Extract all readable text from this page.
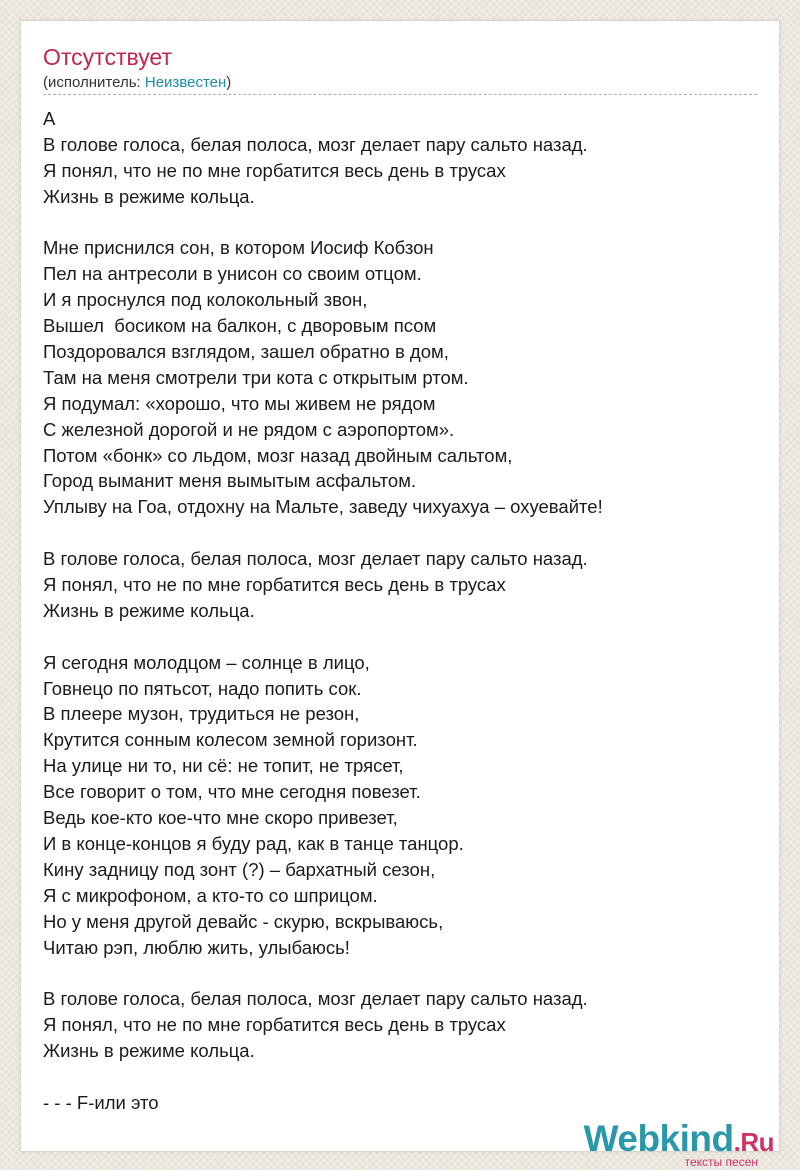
Отсутствует
(исполнитель: Неизвестен)
A
В голове голоса, белая полоса, мозг делает пару сальто назад.
Я понял, что не по мне горбатится весь день в трусах
Жизнь в режиме кольца.
Мне приснился сон, в котором Иосиф Кобзон
Пел на антресоли в унисон со своим отцом.
И я проснулся под колокольный звон,
Вышел  босиком на балкон, с дворовым псом
Поздоровался взглядом, зашел обратно в дом,
Там на меня смотрели три кота с открытым ртом.
Я подумал: «хорошо, что мы живем не рядом
С железной дорогой и не рядом с аэропортом».
Потом «бонк» со льдом, мозг назад двойным сальтом,
Город выманит меня вымытым асфальтом.
Уплыву на Гоа, отдохну на Мальте, заведу чихуахуа – охуевайте!
В голове голоса, белая полоса, мозг делает пару сальто назад.
Я понял, что не по мне горбатится весь день в трусах
Жизнь в режиме кольца.
Я сегодня молодцом – солнце в лицо,
Говнецо по пятьсот, надо попить сок.
В плеере музон, трудиться не резон,
Крутится сонным колесом земной горизонт.
На улице ни то, ни сё: не топит, не трясет,
Все говорит о том, что мне сегодня повезет.
Ведь кое-кто кое-что мне скоро привезет,
И в конце-концов я буду рад, как в танце танцор.
Кину задницу под зонт (?) – бархатный сезон,
Я с микрофоном, а кто-то со шприцом.
Но у меня другой девайс - скурю, вскрываюсь,
Читаю рэп, люблю жить, улыбаюсь!
В голове голоса, белая полоса, мозг делает пару сальто назад.
Я понял, что не по мне горбатится весь день в трусах
Жизнь в режиме кольца.
- - - F-или это
Webkind.Ru
тексты песен
